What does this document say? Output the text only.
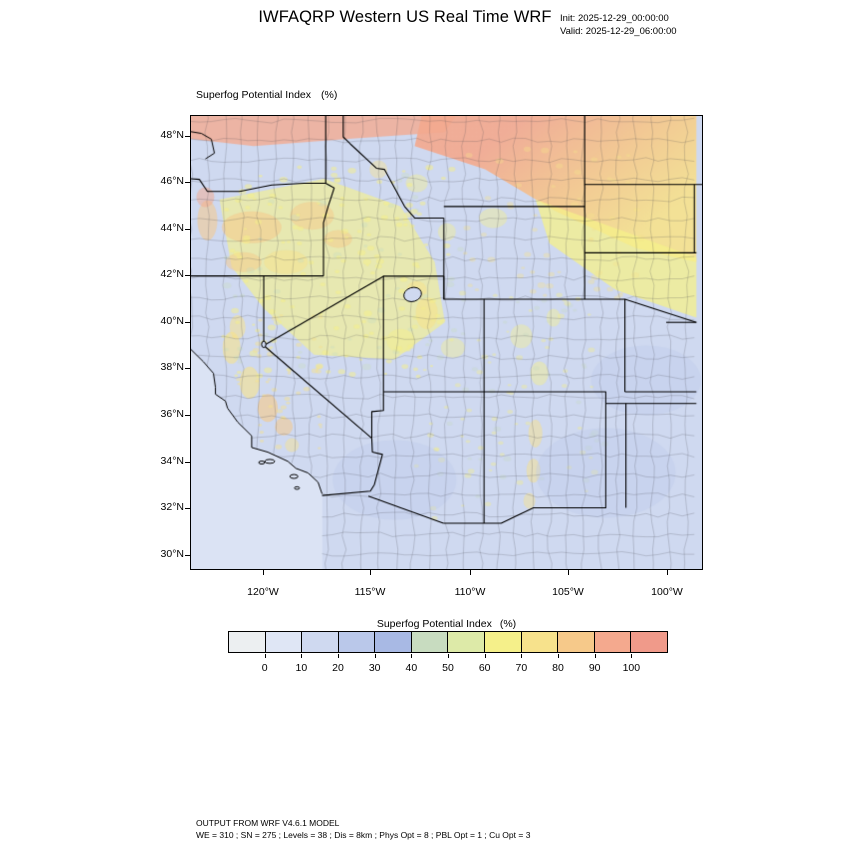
IWFAQRP Western US Real Time WRF Init: 2025-12-29_00:00:00
Valid: 2025-12-29_06:00:00
Superfog Potential Index (%)
48°N
46°N
44°N
42°N
40°N
38°N
36°N
34°N
32°N
30°N
120°W	115°W	110°W	105°W	100°W
Superfog Potential Index (%)
0	10 20 30 40 50 60 70 80 90 100
OUTPUT FROM WRF V4.6.1 MODEL
WE = 310 ; SN = 275 ; Levels = 38 ; Dis = 8km ; Phys Opt = 8 ; PBL Opt = 1 ; Cu Opt = 3
